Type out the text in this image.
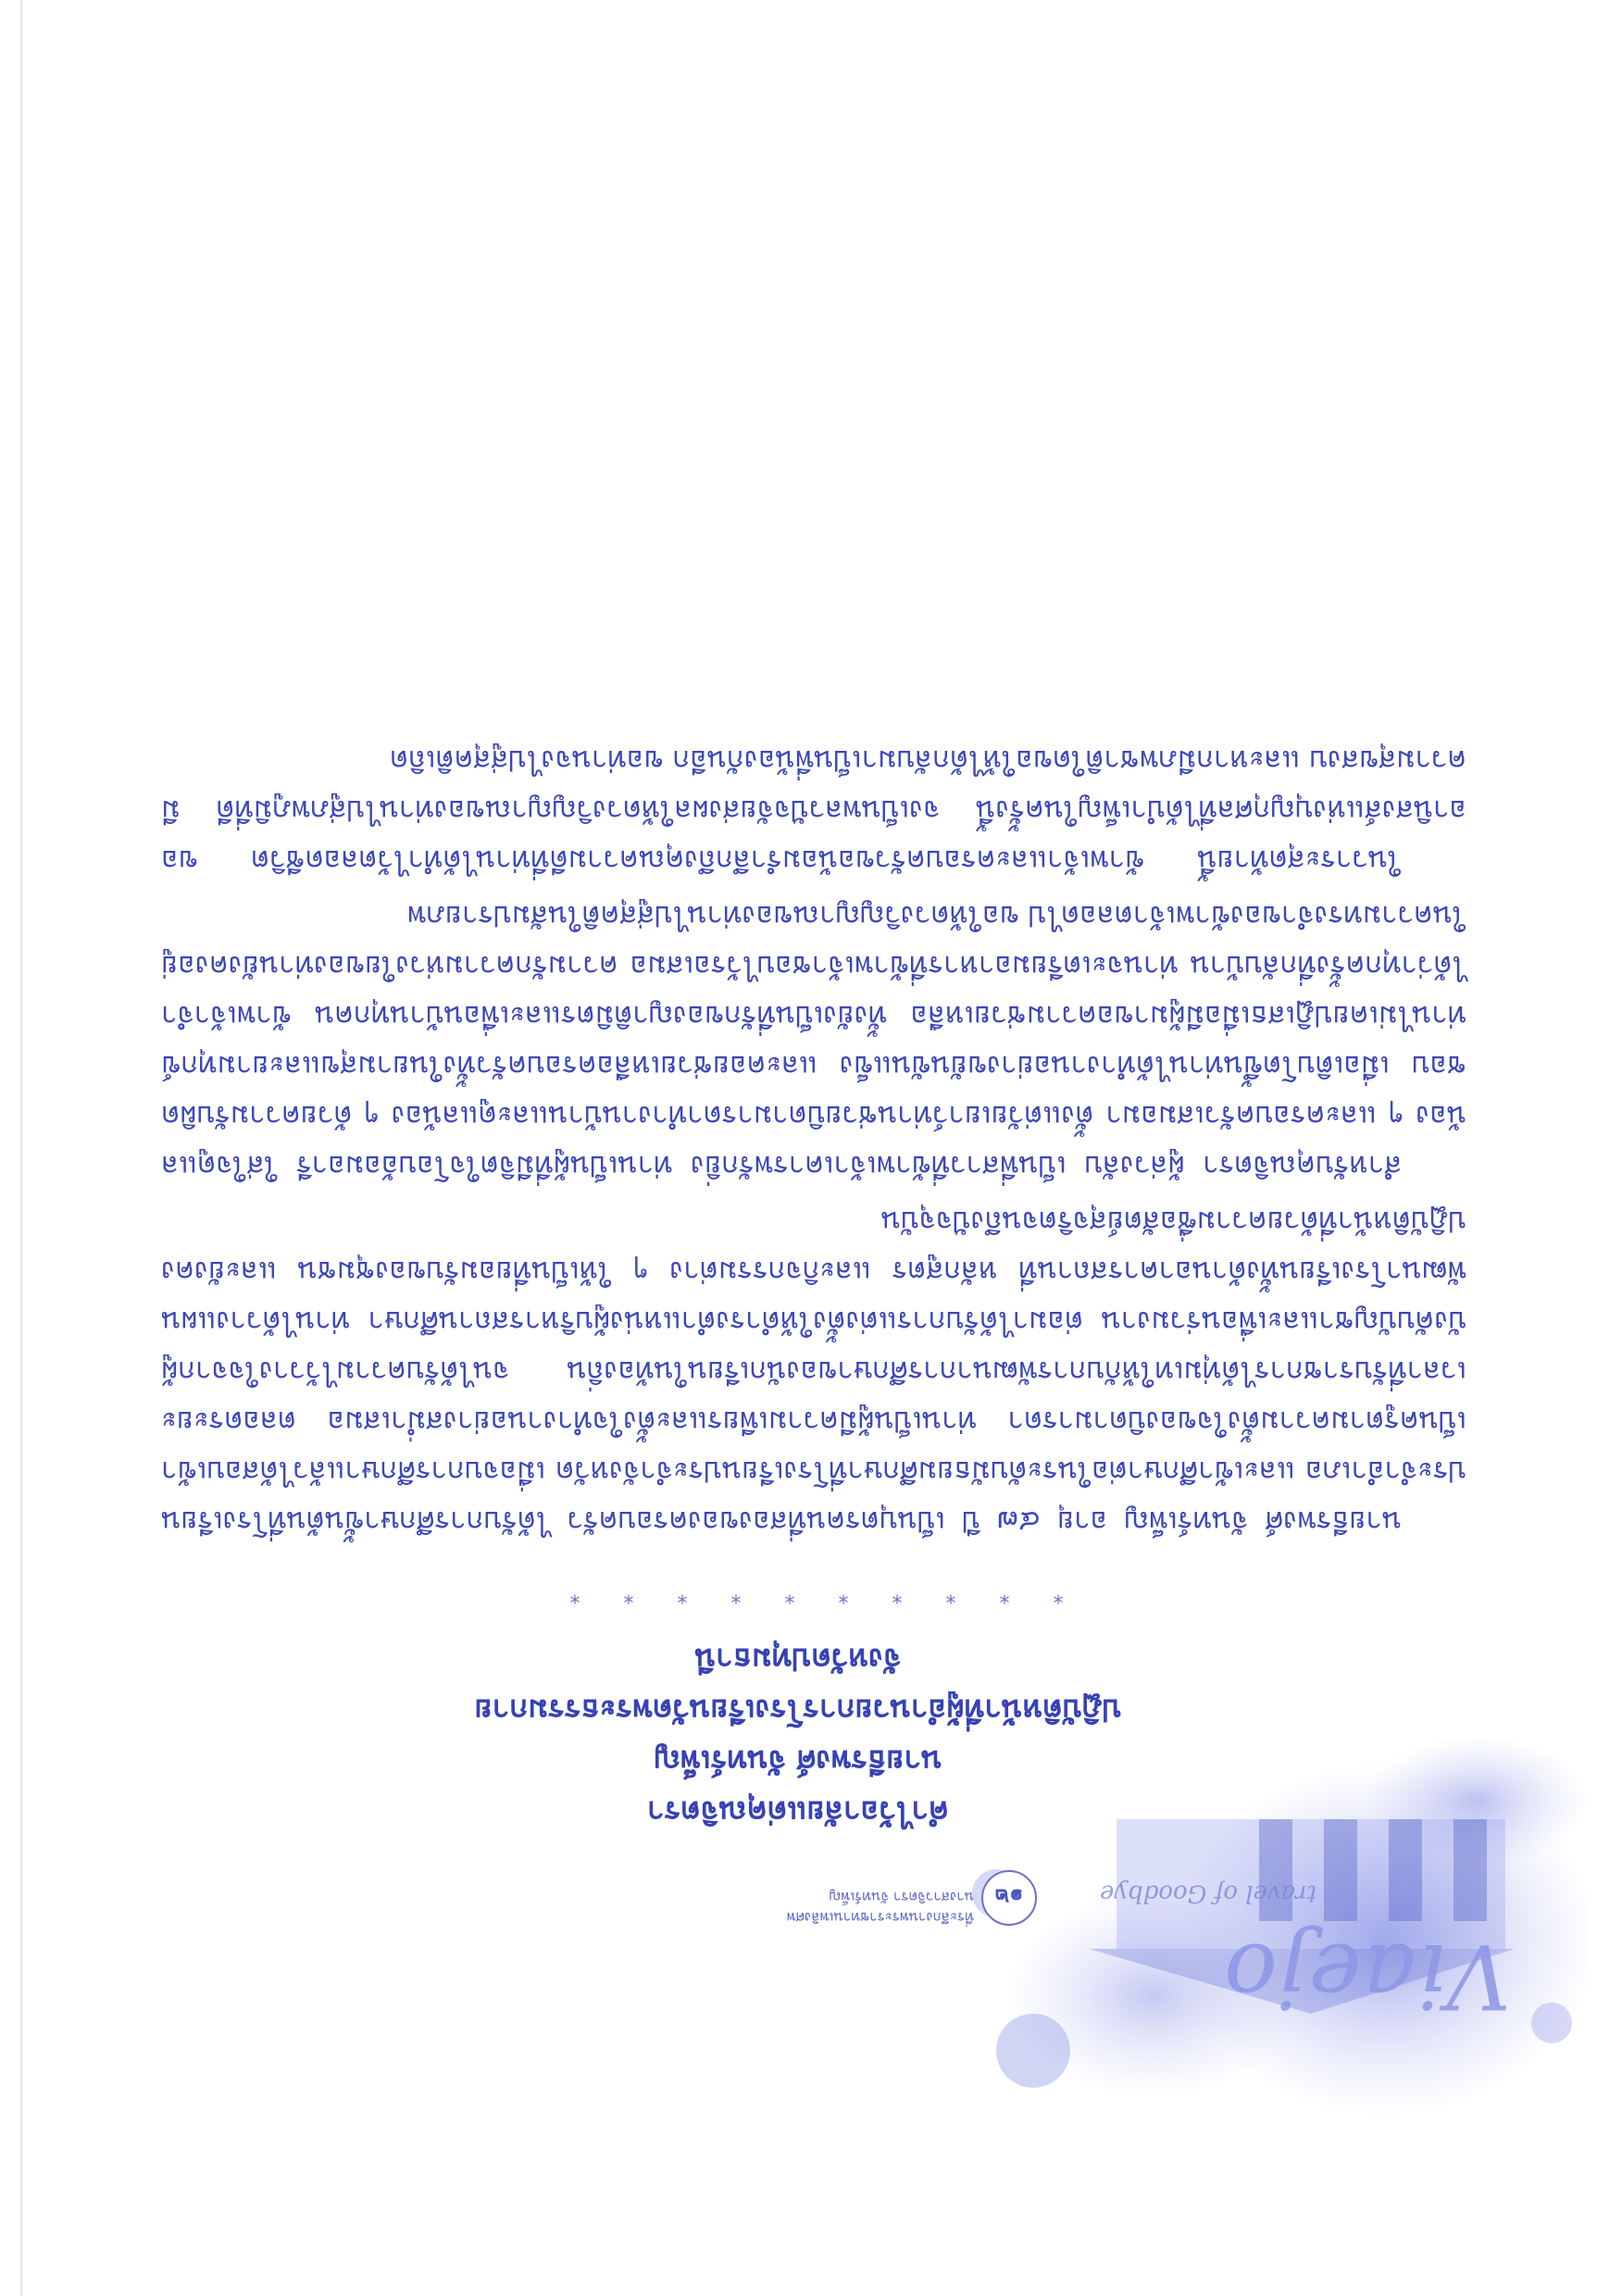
Viaejo
travel of Goodbye
๑๒
ที่ระลึกงานพระราชทานเพลิงศพ
นางสาวจิตรา จันทร์เพ็ญ
คำไว้อาลัยแด่คุณจิตรา
นายธีรพงศ์ จันทร์เพ็ญ
ปฏิบัติหน้าที่ผู้อำนวยการโรงเรียนวัดพระธรรมกาย
จังหวัดปทุมธานี
* * * * * * * * * *

นายธีรพงศ์ จันทร์เพ็ญ อายุ ๔๗ ปี เป็นบุตรคนที่สองของครอบครัว ได้รับการศึกษาขั้นต้นที่โรงเรียนประจำอำเภอ และเข้าศึกษาต่อในระดับมัธยมศึกษาที่โรงเรียนประจำจังหวัด เมื่อจบการศึกษาแล้วได้สอบเข้าเป็นครูตามความตั้งใจของบิดามารดา ท่านเป็นผู้มีความเพียรและตั้งใจทำงานอย่างสม่ำเสมอ ตลอดระยะเวลาที่รับราชการได้ทุ่มเทให้กับการพัฒนาการศึกษาของนักเรียนในท้องถิ่น จนได้รับความไว้วางใจจากผู้บังคับบัญชาและเพื่อนร่วมงาน ต่อมาได้รับการแต่งตั้งให้ดำรงตำแหน่งผู้บริหารสถานศึกษา ท่านได้วางแผนพัฒนาโรงเรียนทั้งด้านอาคารสถานที่ หลักสูตร และกิจกรรมต่าง ๆ ให้เป็นที่ยอมรับของชุมชน และยังคงปฏิบัติหน้าที่ด้วยความซื่อสัตย์สุจริตจนถึงปัจจุบัน

สำหรับคุณจิตรา ผู้ล่วงลับ เป็นพี่สาวที่ข้าพเจ้าเคารพรักยิ่ง ท่านเป็นผู้ที่มีจิตใจโอบอ้อมอารี ใส่ใจดูแลน้อง ๆ และครอบครัวเสมอมา ตั้งแต่วัยเยาว์ท่านช่วยบิดามารดาทำงานบ้านและดูแลน้อง ๆ ด้วยความรับผิดชอบ เมื่อเติบโตขึ้นท่านได้ทำงานอย่างขยันขันแข็ง และคอยช่วยเหลือครอบครัวทั้งในยามสุขและยามทุกข์ ท่านไม่เคยปฏิเสธเมื่อมีผู้มาขอความช่วยเหลือ ทั้งยังเป็นที่รักของญาติมิตรและเพื่อนบ้านทุกคน ข้าพเจ้าจำได้ว่าทุกครั้งที่กลับบ้าน ท่านจะเตรียมอาหารที่ข้าพเจ้าชอบไว้รอเสมอ ความรักความห่วงใยของท่านยังคงอยู่ในความทรงจำของข้าพเจ้าตลอดไป ขอให้ดวงวิญญาณของท่านไปสู่สุคติในสัมปรายภพ

ในวาระสุดท้ายนี้ ข้าพเจ้าและครอบครัวขอน้อมรำลึกถึงคุณความดีที่ท่านได้ทำไว้ตลอดชีวิต ขออานิสงส์แห่งบุญกุศลที่ได้บำเพ็ญในครั้งนี้ จงเป็นพลวปัจจัยส่งผลให้ดวงวิญญาณของท่านไปสู่ภพภูมิที่ดี มีความสุขสงบ และหากมีภพชาติใดขอให้ได้กลับมาเป็นพี่น้องกันอีก ขอท่านจงไปสู่สุคติเถิด
